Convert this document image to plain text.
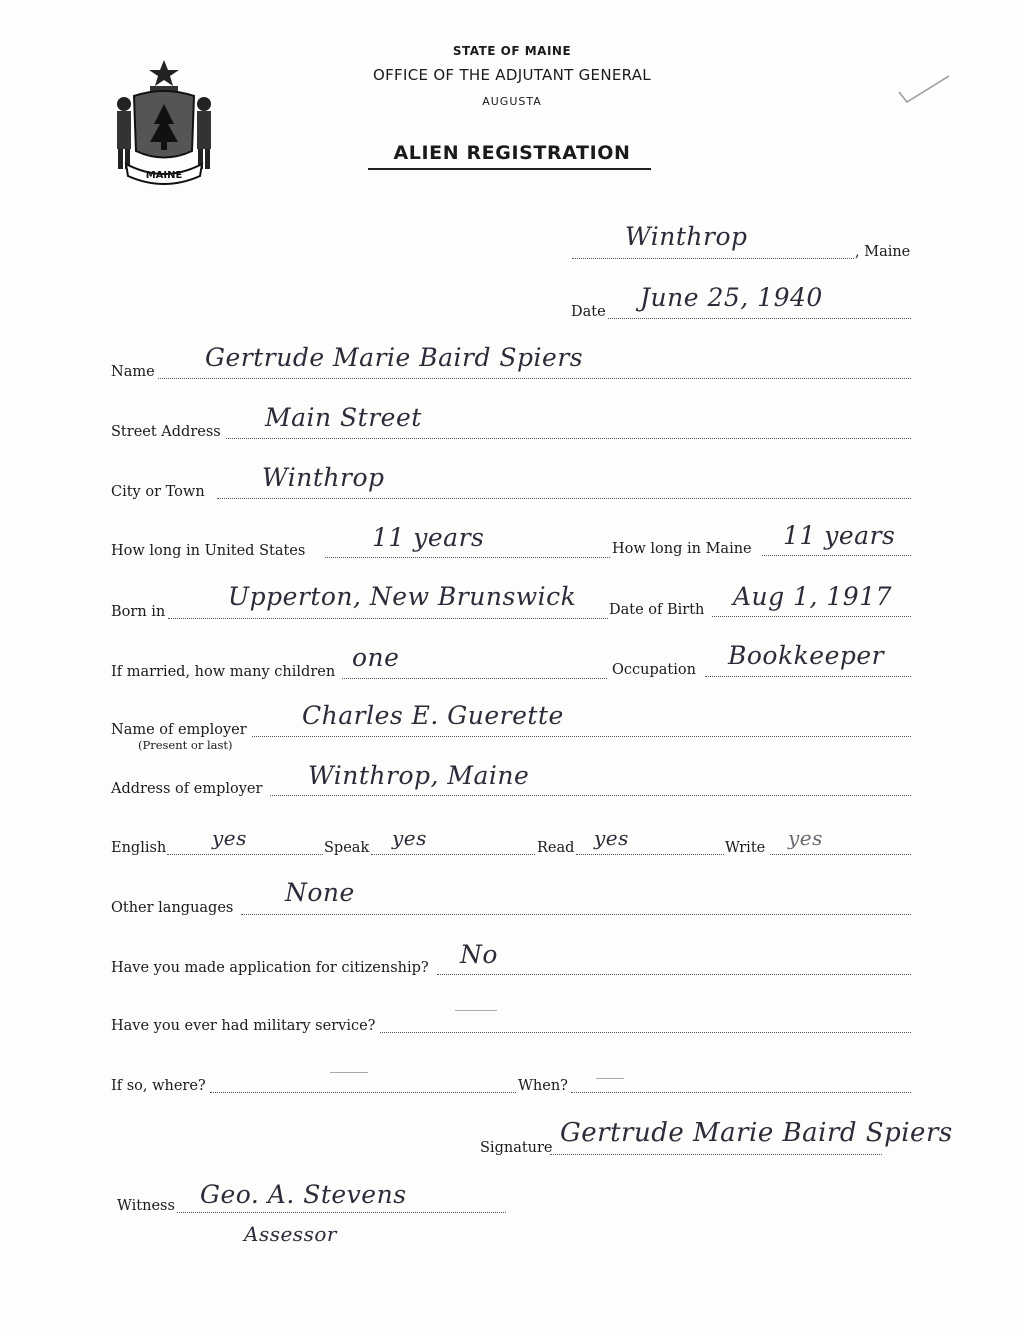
MAINE
STATE OF MAINE
OFFICE OF THE ADJUTANT GENERAL
AUGUSTA
ALIEN REGISTRATION
Winthrop
, Maine
Date June 25, 1940
Name Gertrude Marie Baird Spiers
Street Address Main Street
City or Town Winthrop
How long in United States	11 years	How long in Maine 11 years
Born in
Upperton, New Brunswick Date of Birth Aug 1, 1917
If married, how many children one	Occupation Bookkeeper
Name of employer
(Present or last)
Charles E. Guerette
Address of employer Winthrop, Maine
English yes	Speak yes	Read yes	Write yes
Other languages
None
Have you made application for citizenship? No
Have you ever had military service?
If so, where?	When?
Signature Gertrude Marie Baird Spiers
Witness Geo. A. Stevens
Assessor
